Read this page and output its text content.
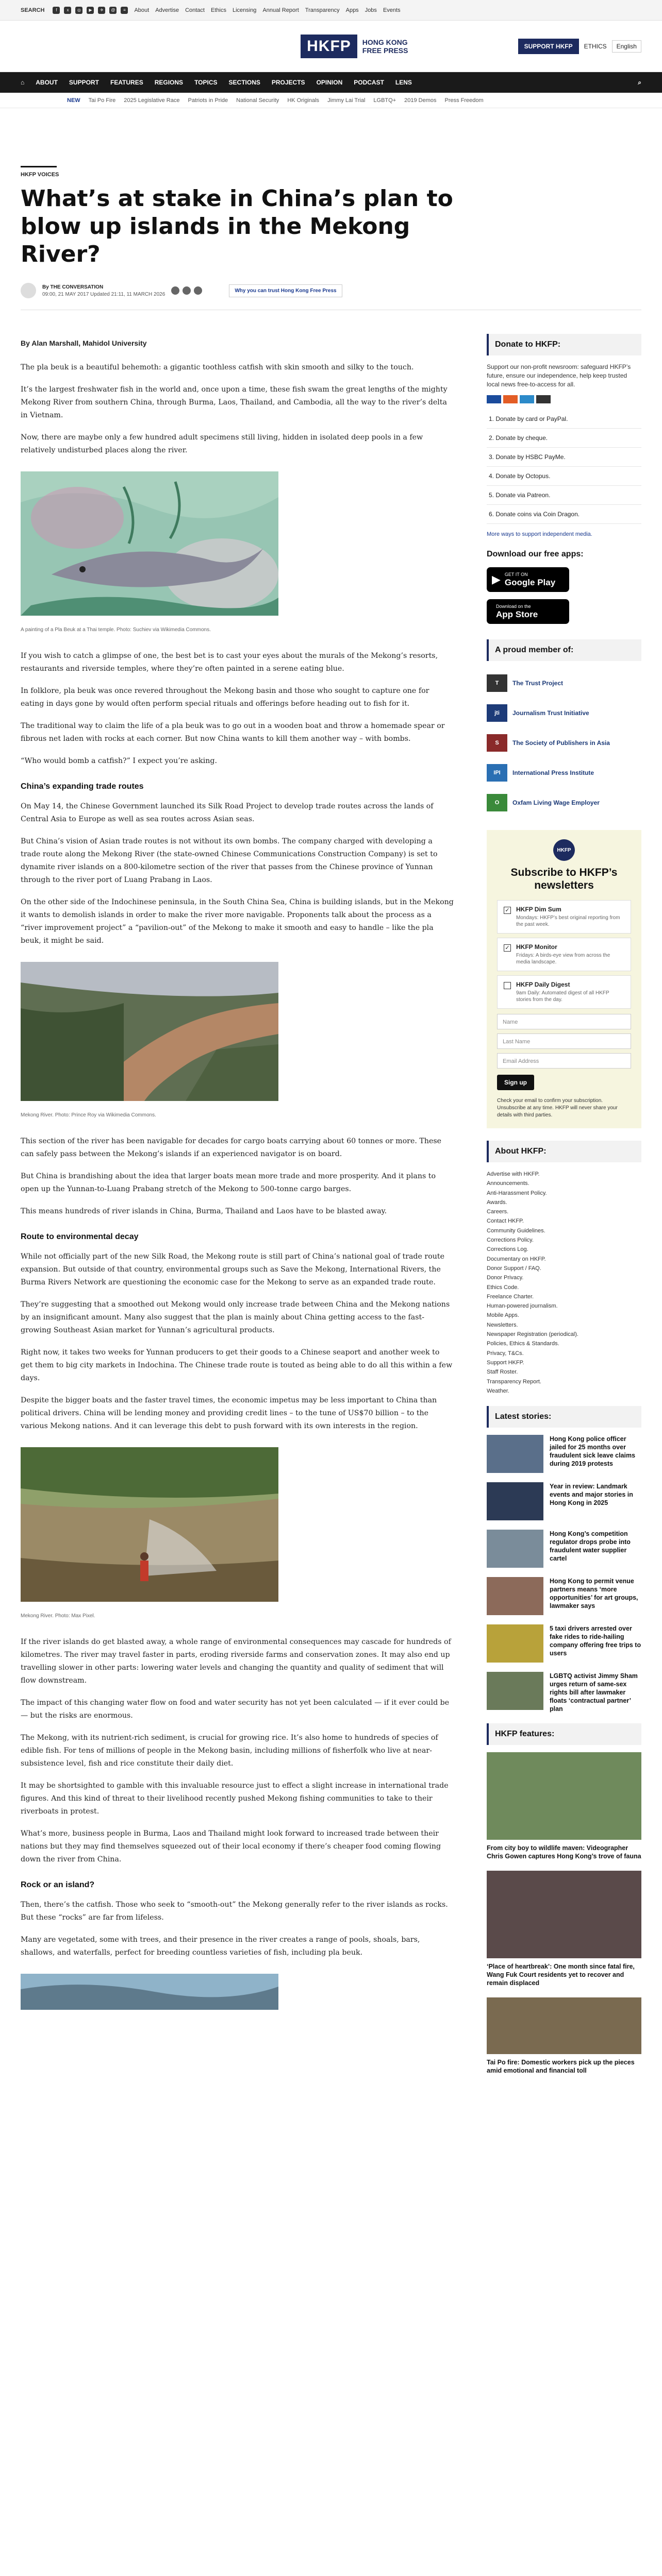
SEARCH	f	x	◎	▶	✈	@	≡	About Advertise Contact Ethics Licensing Annual Report Transparency Apps Jobs Events
HKFP	HONG KONG
FREE PRESS	SUPPORT HKFP	ETHICS	English
⌂ ABOUT SUPPORT FEATURES REGIONS TOPICS SECTIONS PROJECTS OPINION PODCAST LENS	⌕
NEW Tai Po Fire 2025 Legislative Race Patriots in Pride National Security HK Originals Jimmy Lai Trial LGBTQ+ 2019 Demos Press Freedom
HKFP VOICES
What’s at stake in China’s plan to blow up islands in the Mekong River?
By THE CONVERSATION
09:00, 21 MAY 2017 Updated 21:11, 11 MARCH 2026
Why you can trust Hong Kong Free Press
By Alan Marshall, Mahidol University

The pla beuk is a beautiful behemoth: a gigantic toothless catfish with skin smooth and silky to the touch.

It’s the largest freshwater fish in the world and, once upon a time, these fish swam the great lengths of the mighty Mekong River from southern China, through Burma, Laos, Thailand, and Cambodia, all the way to the river’s delta in Vietnam.

Now, there are maybe only a few hundred adult specimens still living, hidden in isolated deep pools in a few relatively undisturbed places along the river.

A painting of a Pla Beuk at a Thai temple. Photo: Suchiev via Wikimedia Commons.

If you wish to catch a glimpse of one, the best bet is to cast your eyes about the murals of the Mekong’s resorts, restaurants and riverside temples, where they’re often painted in a serene eating blue.

In folklore, pla beuk was once revered throughout the Mekong basin and those who sought to capture one for eating in days gone by would often perform special rituals and offerings before heading out to fish for it.

The traditional way to claim the life of a pla beuk was to go out in a wooden boat and throw a homemade spear or fibrous net laden with rocks at each corner. But now China wants to kill them another way – with bombs.

“Who would bomb a catfish?” I expect you’re asking.

China’s expanding trade routes

On May 14, the Chinese Government launched its Silk Road Project to develop trade routes across the lands of Central Asia to Europe as well as sea routes across Asian seas.

But China’s vision of Asian trade routes is not without its own bombs. The company charged with developing a trade route along the Mekong River (the state-owned Chinese Communications Construction Company) is set to dynamite river islands on a 800-kilometre section of the river that passes from the Chinese province of Yunnan through to the river port of Luang Prabang in Laos.

On the other side of the Indochinese peninsula, in the South China Sea, China is building islands, but in the Mekong it wants to demolish islands in order to make the river more navigable. Proponents talk about the process as a “river improvement project” a “pavilion-out” of the Mekong to make it smooth and easy to handle – like the pla beuk, it might be said.

Mekong River. Photo: Prince Roy via Wikimedia Commons.

This section of the river has been navigable for decades for cargo boats carrying about 60 tonnes or more. These can safely pass between the Mekong’s islands if an experienced navigator is on board.

But China is brandishing about the idea that larger boats mean more trade and more prosperity. And it plans to open up the Yunnan-to-Luang Prabang stretch of the Mekong to 500-tonne cargo barges.

This means hundreds of river islands in China, Burma, Thailand and Laos have to be blasted away.

Route to environmental decay

While not officially part of the new Silk Road, the Mekong route is still part of China’s national goal of trade route expansion. But outside of that country, environmental groups such as Save the Mekong, International Rivers, the Burma Rivers Network are questioning the economic case for the Mekong to serve as an expanded trade route.

They’re suggesting that a smoothed out Mekong would only increase trade between China and the Mekong nations by an insignificant amount. Many also suggest that the plan is mainly about China getting access to the fast-growing Southeast Asian market for Yunnan’s agricultural products.

Right now, it takes two weeks for Yunnan producers to get their goods to a Chinese seaport and another week to get them to big city markets in Indochina. The Chinese trade route is touted as being able to do all this within a few days.

Despite the bigger boats and the faster travel times, the economic impetus may be less important to China than political drivers. China will be lending money and providing credit lines – to the tune of US$70 billion – to the various Mekong nations. And it can leverage this debt to push forward with its own interests in the region.

Mekong River. Photo: Max Pixel.

If the river islands do get blasted away, a whole range of environmental consequences may cascade for hundreds of kilometres. The river may travel faster in parts, eroding riverside farms and conservation zones. It may also end up travelling slower in other parts: lowering water levels and changing the quantity and quality of sediment that will flow downstream.

The impact of this changing water flow on food and water security has not yet been calculated — if it ever could be — but the risks are enormous.

The Mekong, with its nutrient-rich sediment, is crucial for growing rice. It’s also home to hundreds of species of edible fish. For tens of millions of people in the Mekong basin, including millions of fisherfolk who live at near-subsistence level, fish and rice constitute their daily diet.

It may be shortsighted to gamble with this invaluable resource just to effect a slight increase in international trade figures. And this kind of threat to their livelihood recently pushed Mekong fishing communities to take to their riverboats in protest.

What’s more, business people in Burma, Laos and Thailand might look forward to increased trade between their nations but they may find themselves squeezed out of their local economy if there’s cheaper food coming flowing down the river from China.

Rock or an island?

Then, there’s the catfish. Those who seek to “smooth-out” the Mekong generally refer to the river islands as rocks. But these “rocks” are far from lifeless.

Many are vegetated, some with trees, and their presence in the river creates a range of pools, shoals, bars, shallows, and waterfalls, perfect for breeding countless varieties of fish, including pla beuk.

Donate to HKFP:

Support our non-profit newsroom: safeguard HKFP’s future, ensure our independence, help keep trusted local news free-to-access for all.

1. Donate by card or PayPal.
2. Donate by cheque.
3. Donate by HSBC PayMe.
4. Donate by Octopus.
5. Donate via Patreon.
6. Donate coins via Coin Dragon.
More ways to support independent media.
Download our free apps:
▶ GET IT ON
Google Play
Download on the
App Store
A proud member of:
T	The Trust Project
jti	Journalism Trust Initiative
S	The Society of Publishers in Asia
IPI	International Press Institute
O	Oxfam Living Wage Employer
HKFP
Subscribe to HKFP’s newsletters
✓ HKFP Dim Sum
Mondays: HKFP’s best original reporting from the past week.
✓ HKFP Monitor
Fridays: A birds-eye view from across the media landscape.
HKFP Daily Digest
9am Daily: Automated digest of all HKFP stories from the day.
Name
Last Name
Email Address
Sign up
Check your email to confirm your subscription. Unsubscribe at any time. HKFP will never share your details with third parties.
About HKFP:
Advertise with HKFP.
Announcements.
Anti-Harassment Policy.
Awards.
Careers.
Contact HKFP.
Community Guidelines.
Corrections Policy.
Corrections Log.
Documentary on HKFP.
Donor Support / FAQ.
Donor Privacy.
Ethics Code.
Freelance Charter.
Human-powered journalism.
Mobile Apps.
Newsletters.
Newspaper Registration (periodical).
Policies, Ethics & Standards.
Privacy, T&Cs.
Support HKFP.
Staff Roster.
Transparency Report.
Weather.
Latest stories:
Hong Kong police officer jailed for 25 months over fraudulent sick leave claims during 2019 protests
Year in review: Landmark events and major stories in Hong Kong in 2025
Hong Kong’s competition regulator drops probe into fraudulent water supplier cartel
Hong Kong to permit venue partners means ‘more opportunities’ for art groups, lawmaker says
5 taxi drivers arrested over fake rides to ride-hailing company offering free trips to users
LGBTQ activist Jimmy Sham urges return of same-sex rights bill after lawmaker floats ‘contractual partner’ plan
HKFP features:
From city boy to wildlife maven: Videographer Chris Gowen captures Hong Kong’s trove of fauna
‘Place of heartbreak’: One month since fatal fire, Wang Fuk Court residents yet to recover and remain displaced
Tai Po fire: Domestic workers pick up the pieces amid emotional and financial toll
